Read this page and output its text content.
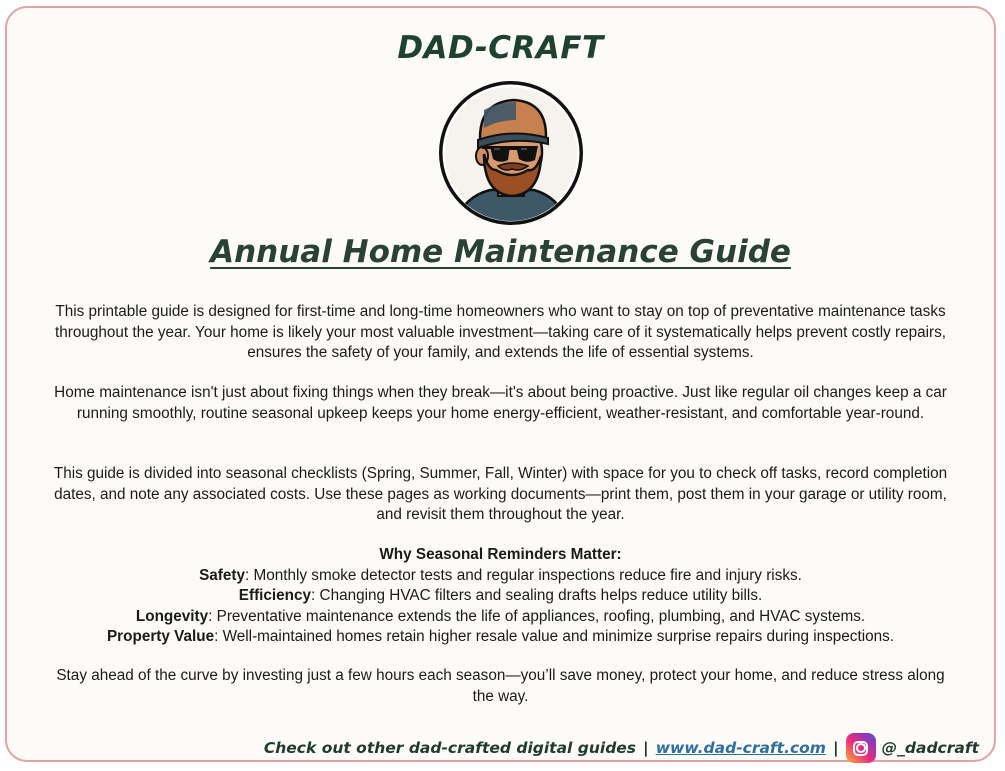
DAD-CRAFT
Annual Home Maintenance Guide

This printable guide is designed for first-time and long-time homeowners who want to stay on top of preventative maintenance tasks throughout the year. Your home is likely your most valuable investment—taking care of it systematically helps prevent costly repairs, ensures the safety of your family, and extends the life of essential systems.

Home maintenance isn't just about fixing things when they break—it's about being proactive. Just like regular oil changes keep a car running smoothly, routine seasonal upkeep keeps your home energy-efficient, weather-resistant, and comfortable year-round.

This guide is divided into seasonal checklists (Spring, Summer, Fall, Winter) with space for you to check off tasks, record completion dates, and note any associated costs. Use these pages as working documents—print them, post them in your garage or utility room, and revisit them throughout the year.

Why Seasonal Reminders Matter:
Safety: Monthly smoke detector tests and regular inspections reduce fire and injury risks.
Efficiency: Changing HVAC filters and sealing drafts helps reduce utility bills.
Longevity: Preventative maintenance extends the life of appliances, roofing, plumbing, and HVAC systems.
Property Value: Well-maintained homes retain higher resale value and minimize surprise repairs during inspections.

Stay ahead of the curve by investing just a few hours each season—you’ll save money, protect your home, and reduce stress along the way.

Check out other dad-crafted digital guides | www.dad-craft.com |	@_dadcraft
